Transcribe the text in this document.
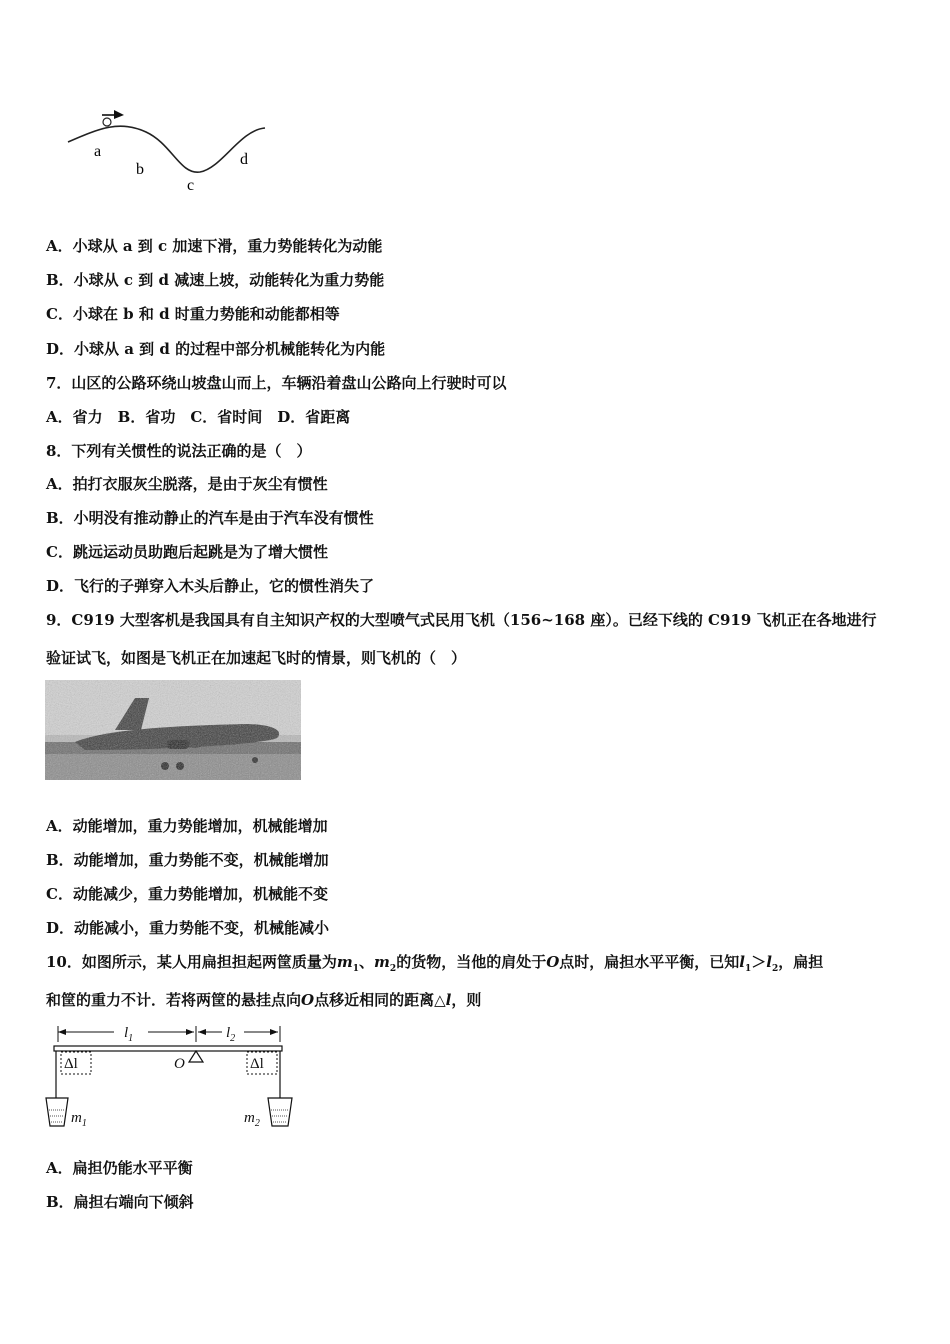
a
b
c
d
A．小球从 a 到 c 加速下滑，重力势能转化为动能
B．小球从 c 到 d 减速上坡，动能转化为重力势能
C．小球在 b 和 d 时重力势能和动能都相等
D．小球从 a 到 d 的过程中部分机械能转化为内能
7．山区的公路环绕山坡盘山而上，车辆沿着盘山公路向上行驶时可以
A．省力　B．省功　C．省时间　D．省距离
8．下列有关惯性的说法正确的是（　）
A．拍打衣服灰尘脱落，是由于灰尘有惯性
B．小明没有推动静止的汽车是由于汽车没有惯性
C．跳远运动员助跑后起跳是为了增大惯性
D．飞行的子弹穿入木头后静止，它的惯性消失了
9．C919 大型客机是我国具有自主知识产权的大型喷气式民用飞机（156~168 座）。已经下线的 C919 飞机正在各地进行
验证试飞，如图是飞机正在加速起飞时的情景，则飞机的（　）
A．动能增加，重力势能增加，机械能增加
B．动能增加，重力势能不变，机械能增加
C．动能减少，重力势能增加，机械能不变
D．动能减小，重力势能不变，机械能减小
10．如图所示，某人用扁担担起两筐质量为$m_1$、$m_2$的货物，当他的肩处于O点时，扁担水平平衡，已知$l_1>l_2$，扁担
和筐的重力不计．若将两筐的悬挂点向O点移近相同的距离△l，则
$l_1$	$l_2$
O
Δl	Δl
$m_1$	$m_2$
A．扁担仍能水平平衡
B．扁担右端向下倾斜
